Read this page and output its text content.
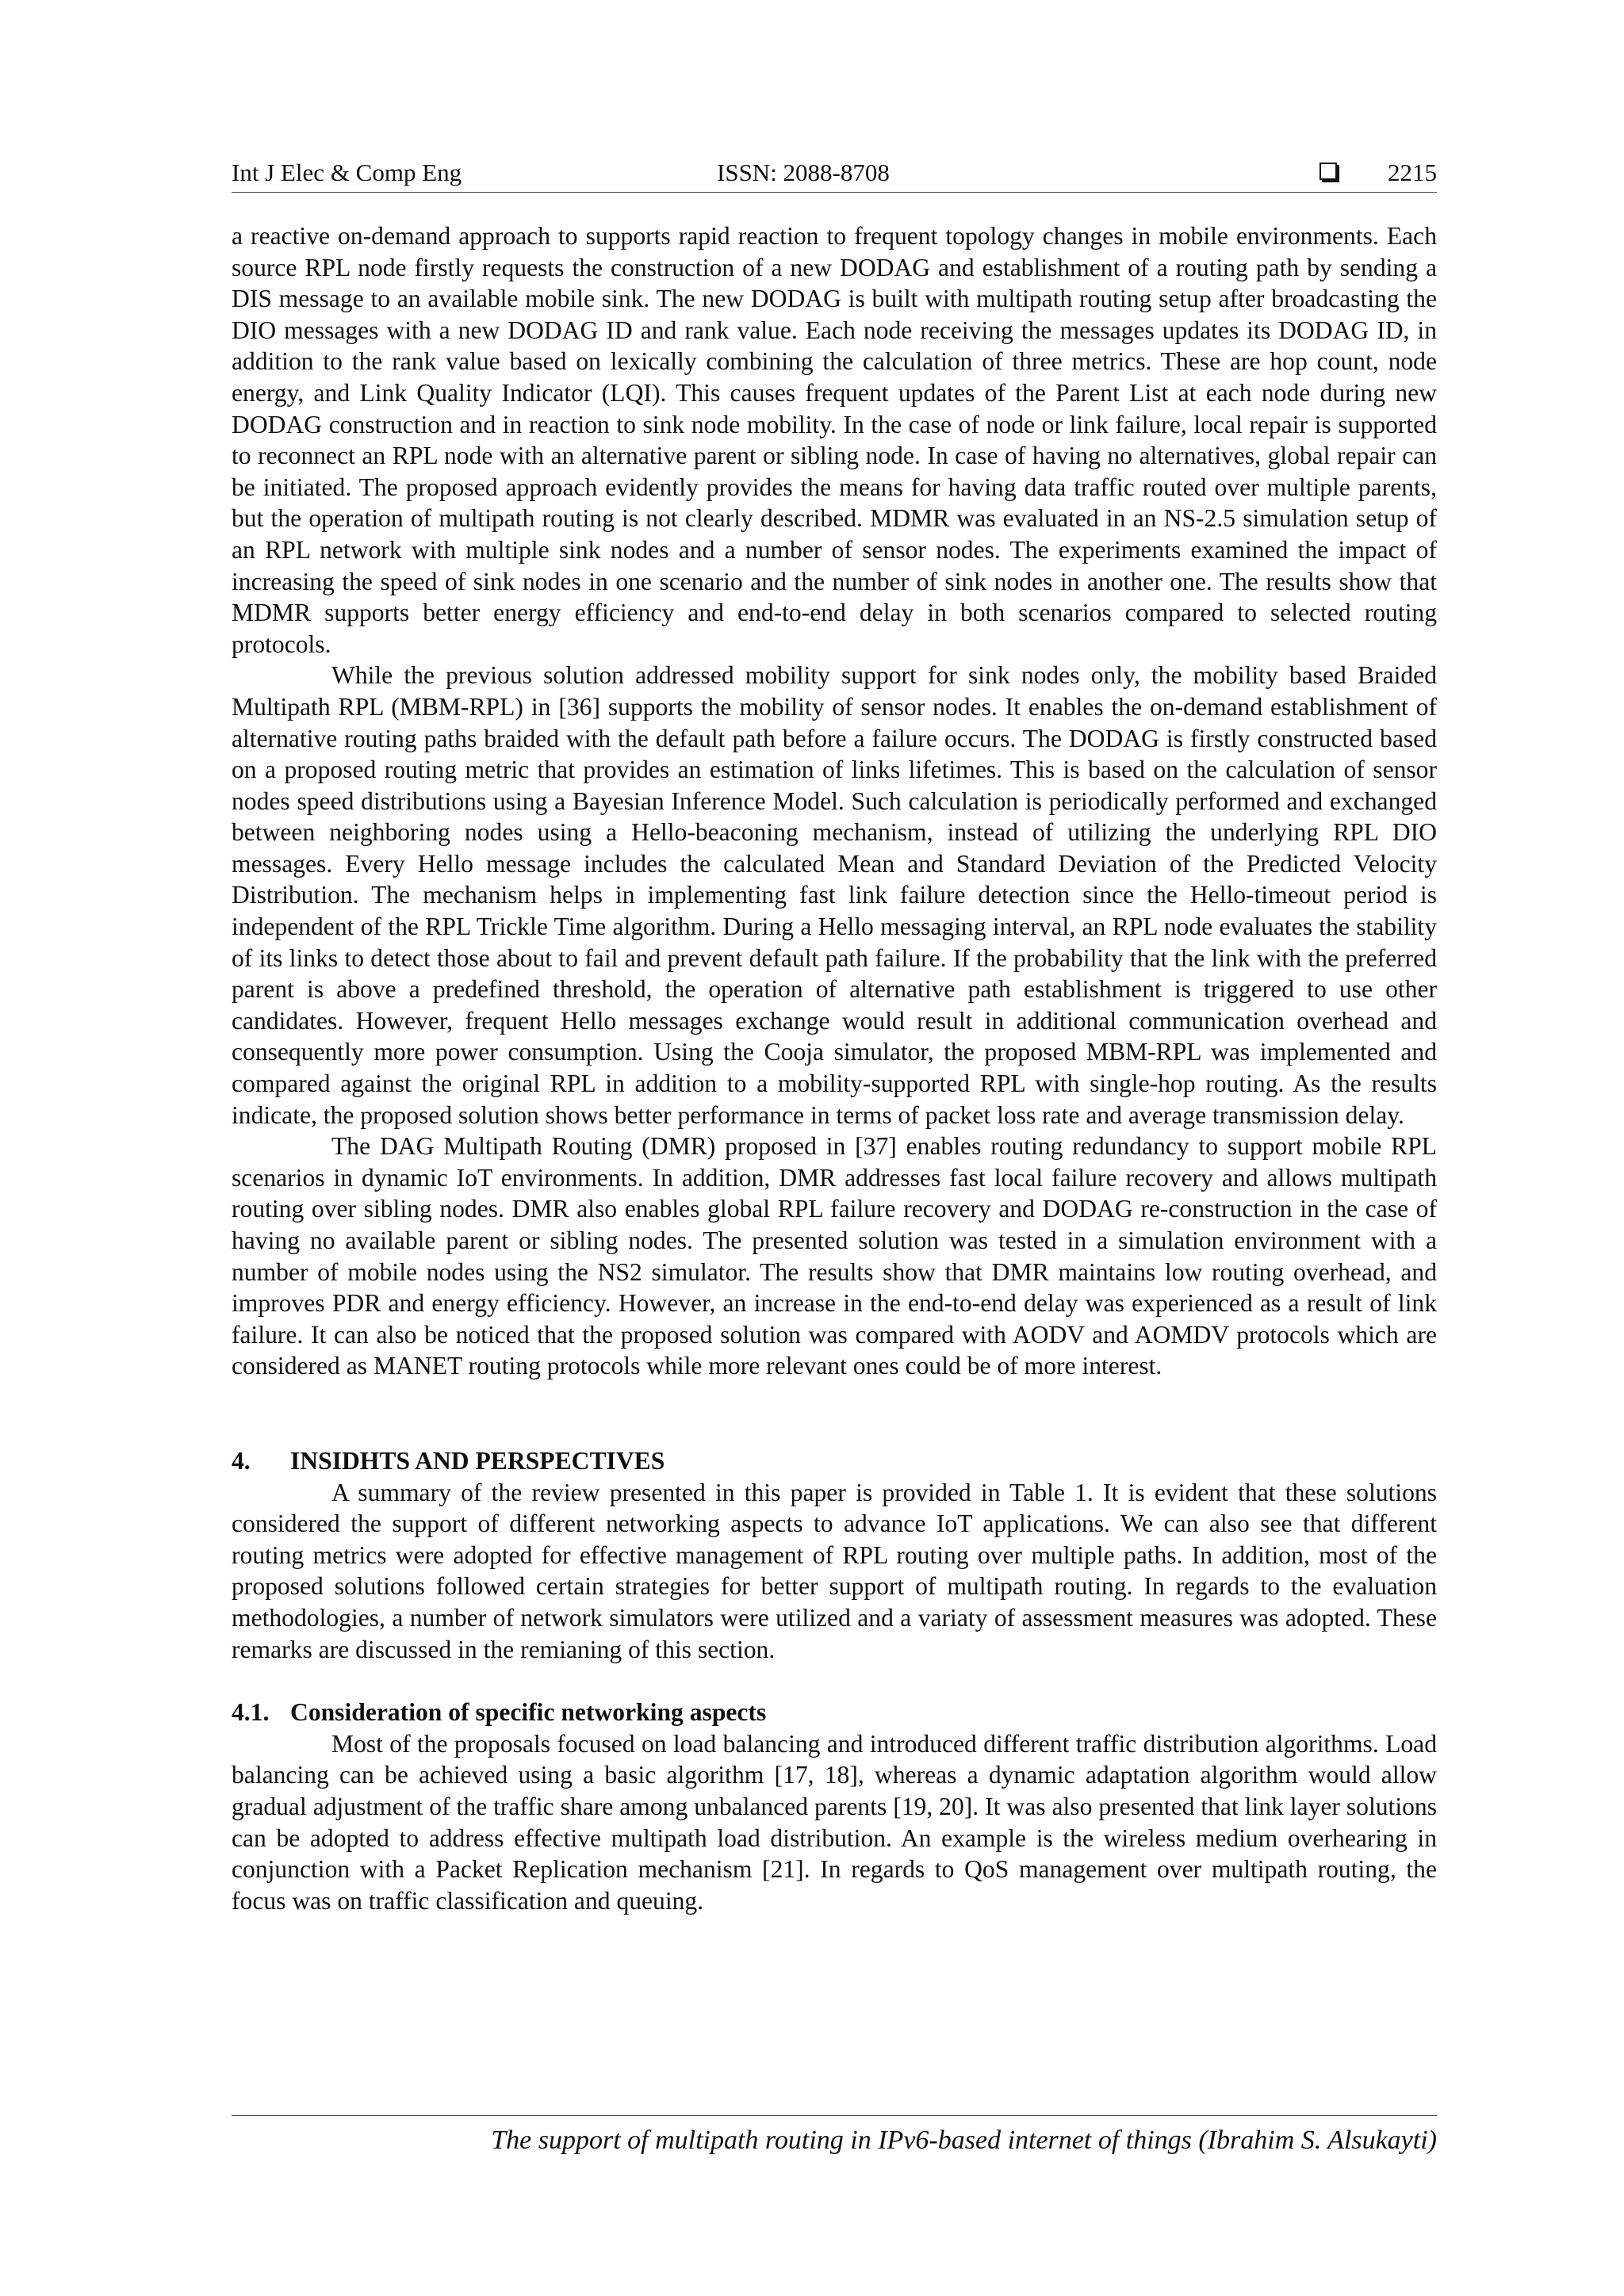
Int J Elec & Comp Eng	ISSN: 2088-8708	2215

a reactive on-demand approach to supports rapid reaction to frequent topology changes in mobile environments. Each source RPL node firstly requests the construction of a new DODAG and establishment of a routing path by sending a DIS message to an available mobile sink. The new DODAG is built with multipath routing setup after broadcasting the DIO messages with a new DODAG ID and rank value. Each node receiving the messages updates its DODAG ID, in addition to the rank value based on lexically combining the calculation of three metrics. These are hop count, node energy, and Link Quality Indicator (LQI). This causes frequent updates of the Parent List at each node during new DODAG construction and in reaction to sink node mobility. In the case of node or link failure, local repair is supported to reconnect an RPL node with an alternative parent or sibling node. In case of having no alternatives, global repair can be initiated. The proposed approach evidently provides the means for having data traffic routed over multiple parents, but the operation of multipath routing is not clearly described. MDMR was evaluated in an NS-2.5 simulation setup of an RPL network with multiple sink nodes and a number of sensor nodes. The experiments examined the impact of increasing the speed of sink nodes in one scenario and the number of sink nodes in another one. The results show that MDMR supports better energy efficiency and end-to-end delay in both scenarios compared to selected routing protocols.

While the previous solution addressed mobility support for sink nodes only, the mobility based Braided Multipath RPL (MBM-RPL) in [36] supports the mobility of sensor nodes. It enables the on-demand establishment of alternative routing paths braided with the default path before a failure occurs. The DODAG is firstly constructed based on a proposed routing metric that provides an estimation of links lifetimes. This is based on the calculation of sensor nodes speed distributions using a Bayesian Inference Model. Such calculation is periodically performed and exchanged between neighboring nodes using a Hello-beaconing mechanism, instead of utilizing the underlying RPL DIO messages. Every Hello message includes the calculated Mean and Standard Deviation of the Predicted Velocity Distribution. The mechanism helps in implementing fast link failure detection since the Hello-timeout period is independent of the RPL Trickle Time algorithm. During a Hello messaging interval, an RPL node evaluates the stability of its links to detect those about to fail and prevent default path failure. If the probability that the link with the preferred parent is above a predefined threshold, the operation of alternative path establishment is triggered to use other candidates. However, frequent Hello messages exchange would result in additional communication overhead and consequently more power consumption. Using the Cooja simulator, the proposed MBM-RPL was implemented and compared against the original RPL in addition to a mobility-supported RPL with single-hop routing. As the results indicate, the proposed solution shows better performance in terms of packet loss rate and average transmission delay.

The DAG Multipath Routing (DMR) proposed in [37] enables routing redundancy to support mobile RPL scenarios in dynamic IoT environments. In addition, DMR addresses fast local failure recovery and allows multipath routing over sibling nodes. DMR also enables global RPL failure recovery and DODAG re-construction in the case of having no available parent or sibling nodes. The presented solution was tested in a simulation environment with a number of mobile nodes using the NS2 simulator. The results show that DMR maintains low routing overhead, and improves PDR and energy efficiency. However, an increase in the end-to-end delay was experienced as a result of link failure. It can also be noticed that the proposed solution was compared with AODV and AOMDV protocols which are considered as MANET routing protocols while more relevant ones could be of more interest.

4. INSIDHTS AND PERSPECTIVES

A summary of the review presented in this paper is provided in Table 1. It is evident that these solutions considered the support of different networking aspects to advance IoT applications. We can also see that different routing metrics were adopted for effective management of RPL routing over multiple paths. In addition, most of the proposed solutions followed certain strategies for better support of multipath routing. In regards to the evaluation methodologies, a number of network simulators were utilized and a variaty of assessment measures was adopted. These remarks are discussed in the remianing of this section.

4.1. Consideration of specific networking aspects

Most of the proposals focused on load balancing and introduced different traffic distribution algorithms. Load balancing can be achieved using a basic algorithm [17, 18], whereas a dynamic adaptation algorithm would allow gradual adjustment of the traffic share among unbalanced parents [19, 20]. It was also presented that link layer solutions can be adopted to address effective multipath load distribution. An example is the wireless medium overhearing in conjunction with a Packet Replication mechanism [21]. In regards to QoS management over multipath routing, the focus was on traffic classification and queuing.

The support of multipath routing in IPv6-based internet of things (Ibrahim S. Alsukayti)
